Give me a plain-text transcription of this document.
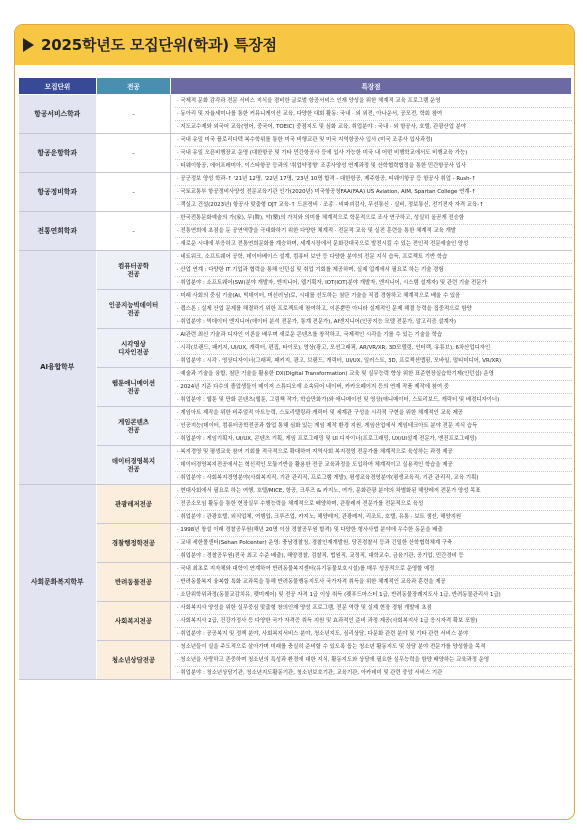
2025학년도 모집단위(학과) 특장점
모집단위	전공	특장점
항공서비스학과	-	· 국제적 문화 감각과 전문 서비스 지식을 겸비한 글로벌 항공서비스 인재 양성을 위한 체계적 교육 프로그램 운영
· 동아리 및 자율세미나를 통한 커뮤니케이션 교육, 다양한 대회 활동: 국내 · 외 외전, 아나운서, 공모전, 학회 참여
· 지도교수제와 외국어 교육(영어, 중국어, TOEIC) 중점지도 및 심화 교육, 취업분야 : 국내 · 외 항공사, 호텔, 관광산업 분야

항공운항학과	-	· 국내 유일 미국 플로리다텍 복수학위를 통한 미국 비행교관 및 미국 지역항공사 입사 (미국 조종사 입사과정)
· 국내 유일 오픈비행장교 운영 (대한항공 및 기타 민간항공사 등에 입사 가능한 미국 내 어떤 비행학교에서도 비행교육 가능)
· 티웨이항공, 에어프레미아, 이스타항공 등과의 '취업약정형' 조종사양성 연계과정 및 산학협력협정을 통한 민간항공사 입사

항공정비학과	-	· 공군정보 양성 학과-↑ '21년 12명, '22년 17명, '23년 10명 합격 - 대한항공, 제주항공, 티웨이항공 등 항공사 취업 - Rush-↑
· 국토교통부 항공정비사양성 전문교육기관 인가(2020년) 미국항공청FAA(FAA) US Aviation, AIM, Spartan College 연계-↑
· 객실고 건설(2023년) 항공사 맞춤형 OJT 교육-↑ 드론정비 · 조종 · 비파괴검사, 무선통신 · 실비, 정보통신, 전기전자 자격 교육-↑

전통연희학과	-	· 한국전통문화예술의 가(家), 무(舞), 악(樂)의 가치와 의미를 체계적으로 학문적으로 조사 연구하고, 성실히 올곧게 전승함
· 전통연희에 초점을 둔 공연역량을 극대화하기 위한 다양한 체계적 · 전문적 교육 및 실전 훈련을 통한 체계적 교육 개발
· 새로운 시대에 부응하고 전통연희문화를 계승하며, 세계시장에서 문화강대국으로 발전시킬 수 있는 전인적 전문예술인 양성

AI융합학부	컴퓨터공학
전공	· 네트워크, 소프트웨어 공학, 데이터베이스 설계, 컴퓨터 보안 등 다양한 분야의 전문 지식 습득, 프로젝트 기반 학습
· 산업 연계 : 다양한 IT 기업과 협력을 통해 인턴십 및 취업 기회를 제공하며, 실제 업계에서 필요로 하는 기술 경험
· 취업분야 : 소프트웨어(SW)분야 개발자, 엔지니어, 웹기획자, IOT(IOT)분야 개발자, 엔지니어, 시스템 설계자) 및 관련 기술 전문가

	인공지능빅데이터
전공	· 미래 사회의 중심 기술(AI, 빅데이터, 머신러닝)로, 시대를 선도하는 첨단 기술을 직접 경험하고 체계적으로 배울 수 있음
· 캡스톤 : 실제 산업 문제를 해결하기 위한 프로젝트에 참여하고, 이론뿐만 아니라 실제적인 문제 해결 능력을 집중적으로 함양
· 취업분야 : 빅데이터 엔지니어(데이터 분석 전문가, 통계 전문가), AI엔지니어(인공지능 모델 전문가, 알고리즘 설계자)

	시각영상
디자인전공	· AI관련 최신 기술과 디자인 이론을 배우며 새로운 콘텐츠를 창작하고, 국제적인 시각을 기를 수 있는 기술을 학습
· 시각(브랜드, 패키지, UI/UX, 캐릭터, 편집, 타이포), 영상(광고, 모션그래픽, AR/VR/XR, 3D모델링, 인터랙, 유튜브), 6차산업디자인
· 취업분야 : 시각 · 영상디자이너(그래픽, 패키지, 광고, 브랜드, 캐릭터, UI/UX, 일러스트, 3D, 프로젝션맵핑, 모바일, 멀티미디어, VR/XR)

	웹툰애니메이션
전공	· 예술과 기술을 융합, 첨단 기술을 활용한 DX(Digital Transformation) 교육 및 실무능력 향상 위한 표준현장실습학기제(인턴십) 운영
· 2024년 기준 다수의 졸업생들이 메이저 스튜디오에 소속되어 네이버, 카카오페이지 등의 연재 작품 제작에 참여 중
· 취업분야 : 웹툰 및 만화 콘텐츠(웹툰, 그림책 작가, 학습만화가)와 애니메이션 및 영상(애니메이터, 스토리보드, 캐릭터 및 배경디자이너)

	게임콘텐츠
전공	· 게임아트 제작을 위한 비주얼적 아트능력, 스토리텔링과 캐릭터 및 세계관 구성을 시각적 구현을 위한 체계적인 교육 제공
· 인공지능(데이터, 컴퓨터공학전공과 합업 통해 심화 있는 게임 제작 환경 지원, 게임산업에서 게임테크아트 분야 전문 지식 습득
· 취업분야 : 게임기획자, UI/UX, 콘텐츠 기획, 게임 프로그래밍 및 UI 디자이너(프로그래밍, UX/UI설계 전문가, 엔진프로그래밍)

	데이터경영복지
전공	· 복지경영 및 평생교육 참여 기회를 적극적으로 확대하여 지역사회 복지경영 전문가를 체계적으로 육성하는 과정 제공
· 데이터경영복지전공에서는 혁신적인 모듈기반을 활용한 전공 교육과정을 도입하여 체계적이고 실용적인 학습을 제공
· 취업분야 : 사회복지경영분야(사회복지직, 기관 관리직, 프로그램 개발), 평생교육경영분야(평생교육직, 기관 관리직, 교육 기획)

사회문화복지학부	관광레저전공	· 현대사회에서 필요로 하는 여행, 호텔/MICE, 항공, 크루즈 & 카지노, 여가, 문화관광 분야의 차별화된 해양레저 전문가 양성 목표
· 전공소모임 활동을 통한 현장실무 수행능력을 체계적으로 배양하며, 관광레저 전문가를 전문적으로 육성
· 취업분야 : 관광호텔, 외식업체, 여행업, 크루즈업, 카지노, 해양레저, 관광레저, 리조트, 호텔, 유통 · 보트 샘선, 해양지원

	경찰행정학전공	· 1998년 창설 이래 경찰공무원(해년 20명 이상 경찰공무원 합격) 및 다양한 형사사법 분야에 우수한 동문을 배출
· 교내 세한폴센터(Sehan Polcenter) 운영: 충남경찰청, 경찰인재개발원, 당진경찰서 등과 긴밀한 산학협력체계 구축
· 취업분야 : 경찰공무원(전국 최고 수준 배출), 해양경찰, 검찰직, 법원직, 교정직, 대학교수, 금융기관, 공기업, 민간경비 등

	반려동물전공	· 국내 최초로 지자체와 대학이 연계하여 반려동물복지센터(유기동물보호시설)를 매우 성공적으로 운영할 예정
· 반려동물복지 융복합 특화 교과목을 통해 반려동물행동지도사 국가자격 취득을 위한 체계적인 교육과 훈련을 제공
· 소단위학위과정(동물교감치유, 펫미케어) 및 전공 자격 1급 이상 취득 (펫푸드마스터 1급, 반려동물장례지도사 1급, 반려동물관리사 1급)

	사회복지전공	· 사회복지사 양성을 위한 실무중심 맞춤형 창의인재 양성 프로그램, 전문 역량 및 실제 현장 경험 개발에 초점
· 사회복지사 2급, 건강가정사 등 다양한 국가 자격증 취득 지원 및 효과적인 준비 과정 제공(사회복지사 1급 응시자격 확보 포함)
· 취업분야 : 공공복지 및 정책 분야, 사회복지서비스 분야, 청소년지도, 심리상담, 다문화 관련 분야 및 기타 관련 서비스 분야

	청소년상담전공	· 청소년들이 실을 주도적으로 살아가며 미래를 충실히 준비할 수 있도록 돕는 청소년 활동지도 및 상담 분야 전문가를 양성함을 목적
· 청소년을 사랑하고 존중하며 청소년의 특성과 환경에 대한 지식, 활동지도와 상담에 필요한 실무능력을 함양 배양하는 교육과정 운영
· 취업분야 : 청소년상담기관, 청소년지도활동기관, 청소년보호기관, 교육기관, 아카데미 및 관련 중앙 서비스 기관
